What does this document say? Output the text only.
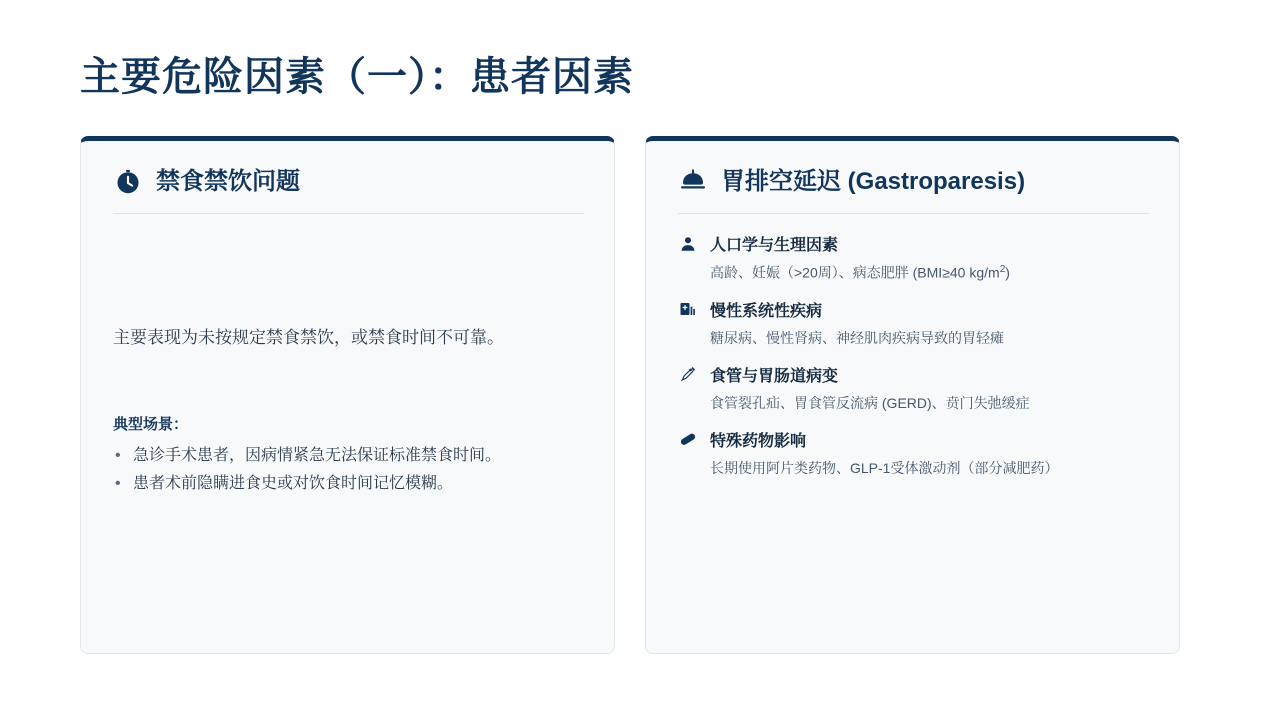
主要危险因素（一）：患者因素
禁食禁饮问题
主要表现为未按规定禁食禁饮，或禁食时间不可靠。
典型场景：
• 急诊手术患者，因病情紧急无法保证标准禁食时间。
• 患者术前隐瞒进食史或对饮食时间记忆模糊。
胃排空延迟 (Gastroparesis)
人口学与生理因素
高龄、妊娠（>20周）、病态肥胖 (BMI≥40 $kg/m^2$)
慢性系统性疾病
糖尿病、慢性肾病、神经肌肉疾病导致的胃轻瘫
食管与胃肠道病变
食管裂孔疝、胃食管反流病 (GERD)、贲门失弛缓症
特殊药物影响
长期使用阿片类药物、GLP-1受体激动剂（部分减肥药）
